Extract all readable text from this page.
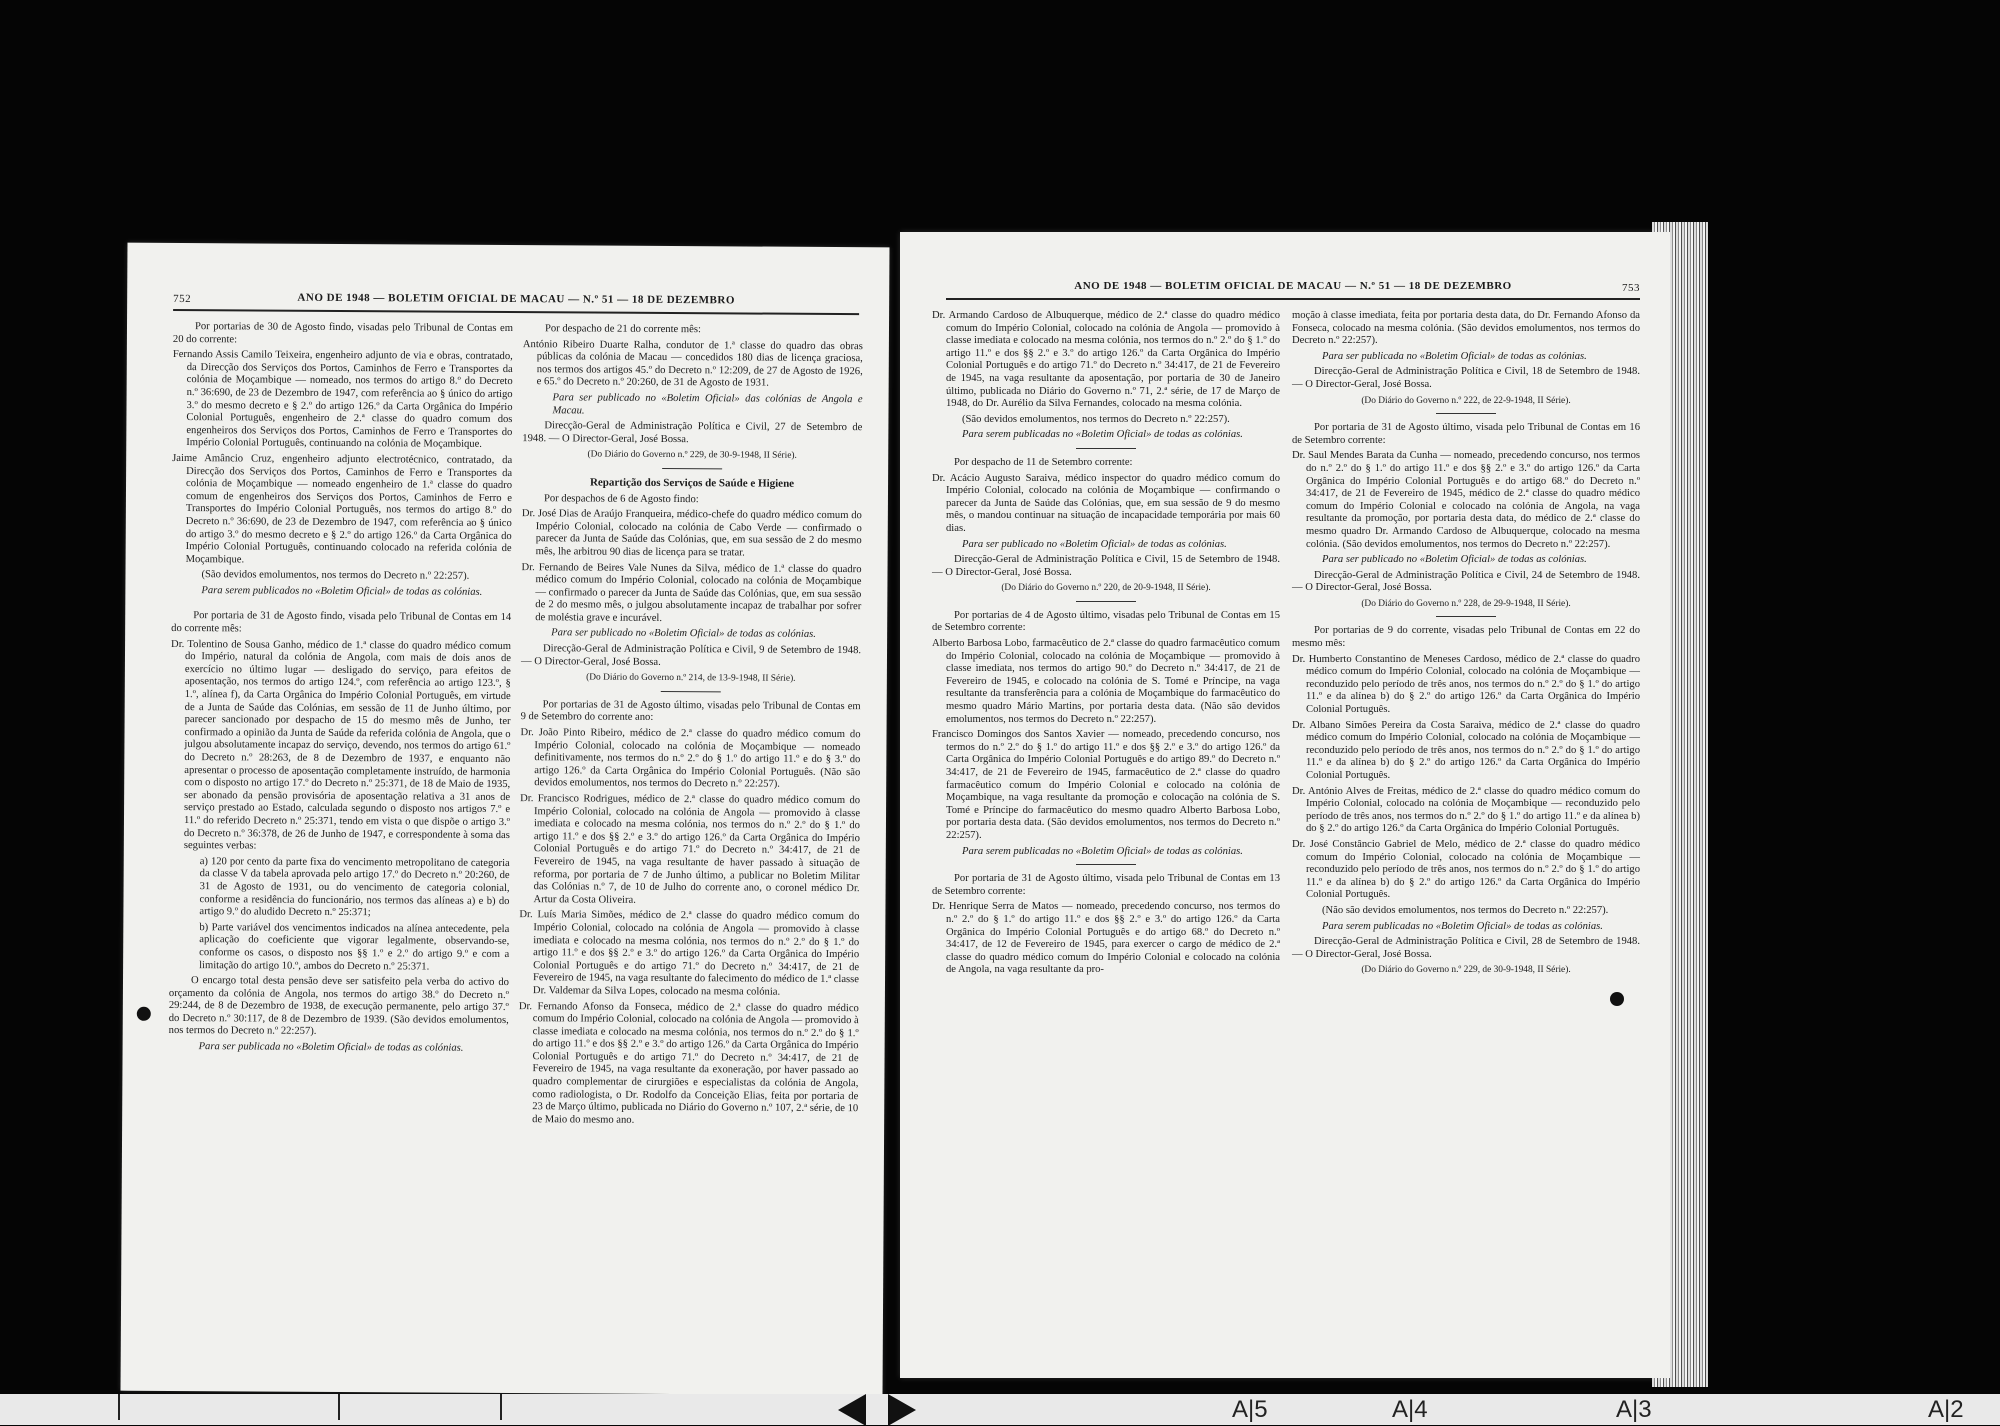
752	ANO DE 1948 — BOLETIM OFICIAL DE MACAU — N.º 51 — 18 DE DEZEMBRO

Por portarias de 30 de Agosto findo, visadas pelo Tribunal de Contas em 20 do corrente:

Fernando Assis Camilo Teixeira, engenheiro adjunto de via e obras, contratado, da Direcção dos Serviços dos Portos, Caminhos de Ferro e Transportes da colónia de Moçambique — nomeado, nos termos do artigo 8.º do Decreto n.º 36:690, de 23 de Dezembro de 1947, com referência ao § único do artigo 3.º do mesmo decreto e § 2.º do artigo 126.º da Carta Orgânica do Império Colonial Português, engenheiro de 2.ª classe do quadro comum dos engenheiros dos Serviços dos Portos, Caminhos de Ferro e Transportes do Império Colonial Português, continuando na colónia de Moçambique.

Jaime Amâncio Cruz, engenheiro adjunto electrotécnico, contratado, da Direcção dos Serviços dos Portos, Caminhos de Ferro e Transportes da colónia de Moçambique — nomeado engenheiro de 1.ª classe do quadro comum de engenheiros dos Serviços dos Portos, Caminhos de Ferro e Transportes do Império Colonial Português, nos termos do artigo 8.º do Decreto n.º 36:690, de 23 de Dezembro de 1947, com referência ao § único do artigo 3.º do mesmo decreto e § 2.º do artigo 126.º da Carta Orgânica do Império Colonial Português, continuando colocado na referida colónia de Moçambique.

(São devidos emolumentos, nos termos do Decreto n.º 22:257).

Para serem publicados no «Boletim Oficial» de todas as colónias.

Por portaria de 31 de Agosto findo, visada pelo Tribunal de Contas em 14 do corrente mês:

Dr. Tolentino de Sousa Ganho, médico de 1.ª classe do quadro médico comum do Império, natural da colónia de Angola, com mais de dois anos de exercício no último lugar — desligado do serviço, para efeitos de aposentação, nos termos do artigo 124.º, com referência ao artigo 123.º, § 1.º, alínea f), da Carta Orgânica do Império Colonial Português, em virtude de a Junta de Saúde das Colónias, em sessão de 11 de Junho último, por parecer sancionado por despacho de 15 do mesmo mês de Junho, ter confirmado a opinião da Junta de Saúde da referida colónia de Angola, que o julgou absolutamente incapaz do serviço, devendo, nos termos do artigo 61.º do Decreto n.º 28:263, de 8 de Dezembro de 1937, e enquanto não apresentar o processo de aposentação completamente instruído, de harmonia com o disposto no artigo 17.º do Decreto n.º 25:371, de 18 de Maio de 1935, ser abonado da pensão provisória de aposentação relativa a 31 anos de serviço prestado ao Estado, calculada segundo o disposto nos artigos 7.º e 11.º do referido Decreto n.º 25:371, tendo em vista o que dispõe o artigo 3.º do Decreto n.º 36:378, de 26 de Junho de 1947, e correspondente à soma das seguintes verbas:

a) 120 por cento da parte fixa do vencimento metropolitano de categoria da classe V da tabela aprovada pelo artigo 17.º do Decreto n.º 20:260, de 31 de Agosto de 1931, ou do vencimento de categoria colonial, conforme a residência do funcionário, nos termos das alíneas a) e b) do artigo 9.º do aludido Decreto n.º 25:371;

b) Parte variável dos vencimentos indicados na alínea antecedente, pela aplicação do coeficiente que vigorar legalmente, observando-se, conforme os casos, o disposto nos §§ 1.º e 2.º do artigo 9.º e com a limitação do artigo 10.º, ambos do Decreto n.º 25:371.

O encargo total desta pensão deve ser satisfeito pela verba do activo do orçamento da colónia de Angola, nos termos do artigo 38.º do Decreto n.º 29:244, de 8 de Dezembro de 1938, de execução permanente, pelo artigo 37.º do Decreto n.º 30:117, de 8 de Dezembro de 1939. (São devidos emolumentos, nos termos do Decreto n.º 22:257).

Para ser publicada no «Boletim Oficial» de todas as colónias.

Por despacho de 21 do corrente mês:

António Ribeiro Duarte Ralha, condutor de 1.ª classe do quadro das obras públicas da colónia de Macau — concedidos 180 dias de licença graciosa, nos termos dos artigos 45.º do Decreto n.º 12:209, de 27 de Agosto de 1926, e 65.º do Decreto n.º 20:260, de 31 de Agosto de 1931.

Para ser publicado no «Boletim Oficial» das colónias de Angola e Macau.

Direcção-Geral de Administração Política e Civil, 27 de Setembro de 1948. — O Director-Geral, José Bossa.

(Do Diário do Governo n.º 229, de 30-9-1948, II Série).

Repartição dos Serviços de Saúde e Higiene

Por despachos de 6 de Agosto findo:

Dr. José Dias de Araújo Franqueira, médico-chefe do quadro médico comum do Império Colonial, colocado na colónia de Cabo Verde — confirmado o parecer da Junta de Saúde das Colónias, que, em sua sessão de 2 do mesmo mês, lhe arbitrou 90 dias de licença para se tratar.

Dr. Fernando de Beires Vale Nunes da Silva, médico de 1.ª classe do quadro médico comum do Império Colonial, colocado na colónia de Moçambique — confirmado o parecer da Junta de Saúde das Colónias, que, em sua sessão de 2 do mesmo mês, o julgou absolutamente incapaz de trabalhar por sofrer de moléstia grave e incurável.

Para ser publicado no «Boletim Oficial» de todas as colónias.

Direcção-Geral de Administração Política e Civil, 9 de Setembro de 1948. — O Director-Geral, José Bossa.

(Do Diário do Governo n.º 214, de 13-9-1948, II Série).

Por portarias de 31 de Agosto último, visadas pelo Tribunal de Contas em 9 de Setembro do corrente ano:

Dr. João Pinto Ribeiro, médico de 2.ª classe do quadro médico comum do Império Colonial, colocado na colónia de Moçambique — nomeado definitivamente, nos termos do n.º 2.º do § 1.º do artigo 11.º e do § 3.º do artigo 126.º da Carta Orgânica do Império Colonial Português. (Não são devidos emolumentos, nos termos do Decreto n.º 22:257).

Dr. Francisco Rodrigues, médico de 2.ª classe do quadro médico comum do Império Colonial, colocado na colónia de Angola — promovido à classe imediata e colocado na mesma colónia, nos termos do n.º 2.º do § 1.º do artigo 11.º e dos §§ 2.º e 3.º do artigo 126.º da Carta Orgânica do Império Colonial Português e do artigo 71.º do Decreto n.º 34:417, de 21 de Fevereiro de 1945, na vaga resultante de haver passado à situação de reforma, por portaria de 7 de Junho último, a publicar no Boletim Militar das Colónias n.º 7, de 10 de Julho do corrente ano, o coronel médico Dr. Artur da Costa Oliveira.

Dr. Luís Maria Simões, médico de 2.ª classe do quadro médico comum do Império Colonial, colocado na colónia de Angola — promovido à classe imediata e colocado na mesma colónia, nos termos do n.º 2.º do § 1.º do artigo 11.º e dos §§ 2.º e 3.º do artigo 126.º da Carta Orgânica do Império Colonial Português e do artigo 71.º do Decreto n.º 34:417, de 21 de Fevereiro de 1945, na vaga resultante do falecimento do médico de 1.ª classe Dr. Valdemar da Silva Lopes, colocado na mesma colónia.

Dr. Fernando Afonso da Fonseca, médico de 2.ª classe do quadro médico comum do Império Colonial, colocado na colónia de Angola — promovido à classe imediata e colocado na mesma colónia, nos termos do n.º 2.º do § 1.º do artigo 11.º e dos §§ 2.º e 3.º do artigo 126.º da Carta Orgânica do Império Colonial Português e do artigo 71.º do Decreto n.º 34:417, de 21 de Fevereiro de 1945, na vaga resultante da exoneração, por haver passado ao quadro complementar de cirurgiões e especialistas da colónia de Angola, como radiologista, o Dr. Rodolfo da Conceição Elias, feita por portaria de 23 de Março último, publicada no Diário do Governo n.º 107, 2.ª série, de 10 de Maio do mesmo ano.

ANO DE 1948 — BOLETIM OFICIAL DE MACAU — N.º 51 — 18 DE DEZEMBRO	753

Dr. Armando Cardoso de Albuquerque, médico de 2.ª classe do quadro médico comum do Império Colonial, colocado na colónia de Angola — promovido à classe imediata e colocado na mesma colónia, nos termos do n.º 2.º do § 1.º do artigo 11.º e dos §§ 2.º e 3.º do artigo 126.º da Carta Orgânica do Império Colonial Português e do artigo 71.º do Decreto n.º 34:417, de 21 de Fevereiro de 1945, na vaga resultante da aposentação, por portaria de 30 de Janeiro último, publicada no Diário do Governo n.º 71, 2.ª série, de 17 de Março de 1948, do Dr. Aurélio da Silva Fernandes, colocado na mesma colónia.

(São devidos emolumentos, nos termos do Decreto n.º 22:257).

Para serem publicadas no «Boletim Oficial» de todas as colónias.

Por despacho de 11 de Setembro corrente:

Dr. Acácio Augusto Saraiva, médico inspector do quadro médico comum do Império Colonial, colocado na colónia de Moçambique — confirmando o parecer da Junta de Saúde das Colónias, que, em sua sessão de 9 do mesmo mês, o mandou continuar na situação de incapacidade temporária por mais 60 dias.

Para ser publicado no «Boletim Oficial» de todas as colónias.

Direcção-Geral de Administração Política e Civil, 15 de Setembro de 1948. — O Director-Geral, José Bossa.

(Do Diário do Governo n.º 220, de 20-9-1948, II Série).

Por portarias de 4 de Agosto último, visadas pelo Tribunal de Contas em 15 de Setembro corrente:

Alberto Barbosa Lobo, farmacêutico de 2.ª classe do quadro farmacêutico comum do Império Colonial, colocado na colónia de Moçambique — promovido à classe imediata, nos termos do artigo 90.º do Decreto n.º 34:417, de 21 de Fevereiro de 1945, e colocado na colónia de S. Tomé e Príncipe, na vaga resultante da transferência para a colónia de Moçambique do farmacêutico do mesmo quadro Mário Martins, por portaria desta data. (Não são devidos emolumentos, nos termos do Decreto n.º 22:257).

Francisco Domingos dos Santos Xavier — nomeado, precedendo concurso, nos termos do n.º 2.º do § 1.º do artigo 11.º e dos §§ 2.º e 3.º do artigo 126.º da Carta Orgânica do Império Colonial Português e do artigo 89.º do Decreto n.º 34:417, de 21 de Fevereiro de 1945, farmacêutico de 2.ª classe do quadro farmacêutico comum do Império Colonial e colocado na colónia de Moçambique, na vaga resultante da promoção e colocação na colónia de S. Tomé e Príncipe do farmacêutico do mesmo quadro Alberto Barbosa Lobo, por portaria desta data. (São devidos emolumentos, nos termos do Decreto n.º 22:257).

Para serem publicadas no «Boletim Oficial» de todas as colónias.

Por portaria de 31 de Agosto último, visada pelo Tribunal de Contas em 13 de Setembro corrente:

Dr. Henrique Serra de Matos — nomeado, precedendo concurso, nos termos do n.º 2.º do § 1.º do artigo 11.º e dos §§ 2.º e 3.º do artigo 126.º da Carta Orgânica do Império Colonial Português e do artigo 68.º do Decreto n.º 34:417, de 12 de Fevereiro de 1945, para exercer o cargo de médico de 2.ª classe do quadro médico comum do Império Colonial e colocado na colónia de Angola, na vaga resultante da pro-

moção à classe imediata, feita por portaria desta data, do Dr. Fernando Afonso da Fonseca, colocado na mesma colónia. (São devidos emolumentos, nos termos do Decreto n.º 22:257).

Para ser publicada no «Boletim Oficial» de todas as colónias.

Direcção-Geral de Administração Política e Civil, 18 de Setembro de 1948. — O Director-Geral, José Bossa.

(Do Diário do Governo n.º 222, de 22-9-1948, II Série).

Por portaria de 31 de Agosto último, visada pelo Tribunal de Contas em 16 de Setembro corrente:

Dr. Saul Mendes Barata da Cunha — nomeado, precedendo concurso, nos termos do n.º 2.º do § 1.º do artigo 11.º e dos §§ 2.º e 3.º do artigo 126.º da Carta Orgânica do Império Colonial Português e do artigo 68.º do Decreto n.º 34:417, de 21 de Fevereiro de 1945, médico de 2.ª classe do quadro médico comum do Império Colonial e colocado na colónia de Angola, na vaga resultante da promoção, por portaria desta data, do médico de 2.ª classe do mesmo quadro Dr. Armando Cardoso de Albuquerque, colocado na mesma colónia. (São devidos emolumentos, nos termos do Decreto n.º 22:257).

Para ser publicado no «Boletim Oficial» de todas as colónias.

Direcção-Geral de Administração Política e Civil, 24 de Setembro de 1948. — O Director-Geral, José Bossa.

(Do Diário do Governo n.º 228, de 29-9-1948, II Série).

Por portarias de 9 do corrente, visadas pelo Tribunal de Contas em 22 do mesmo mês:

Dr. Humberto Constantino de Meneses Cardoso, médico de 2.ª classe do quadro médico comum do Império Colonial, colocado na colónia de Moçambique — reconduzido pelo período de três anos, nos termos do n.º 2.º do § 1.º do artigo 11.º e da alínea b) do § 2.º do artigo 126.º da Carta Orgânica do Império Colonial Português.

Dr. Albano Simões Pereira da Costa Saraiva, médico de 2.ª classe do quadro médico comum do Império Colonial, colocado na colónia de Moçambique — reconduzido pelo período de três anos, nos termos do n.º 2.º do § 1.º do artigo 11.º e da alínea b) do § 2.º do artigo 126.º da Carta Orgânica do Império Colonial Português.

Dr. António Alves de Freitas, médico de 2.ª classe do quadro médico comum do Império Colonial, colocado na colónia de Moçambique — reconduzido pelo período de três anos, nos termos do n.º 2.º do § 1.º do artigo 11.º e da alínea b) do § 2.º do artigo 126.º da Carta Orgânica do Império Colonial Português.

Dr. José Constâncio Gabriel de Melo, médico de 2.ª classe do quadro médico comum do Império Colonial, colocado na colónia de Moçambique — reconduzido pelo período de três anos, nos termos do n.º 2.º do § 1.º do artigo 11.º e da alínea b) do § 2.º do artigo 126.º da Carta Orgânica do Império Colonial Português.

(Não são devidos emolumentos, nos termos do Decreto n.º 22:257).

Para serem publicadas no «Boletim Oficial» de todas as colónias.

Direcção-Geral de Administração Política e Civil, 28 de Setembro de 1948. — O Director-Geral, José Bossa.

(Do Diário do Governo n.º 229, de 30-9-1948, II Série).

A|5	A|4	A|3	A|2
